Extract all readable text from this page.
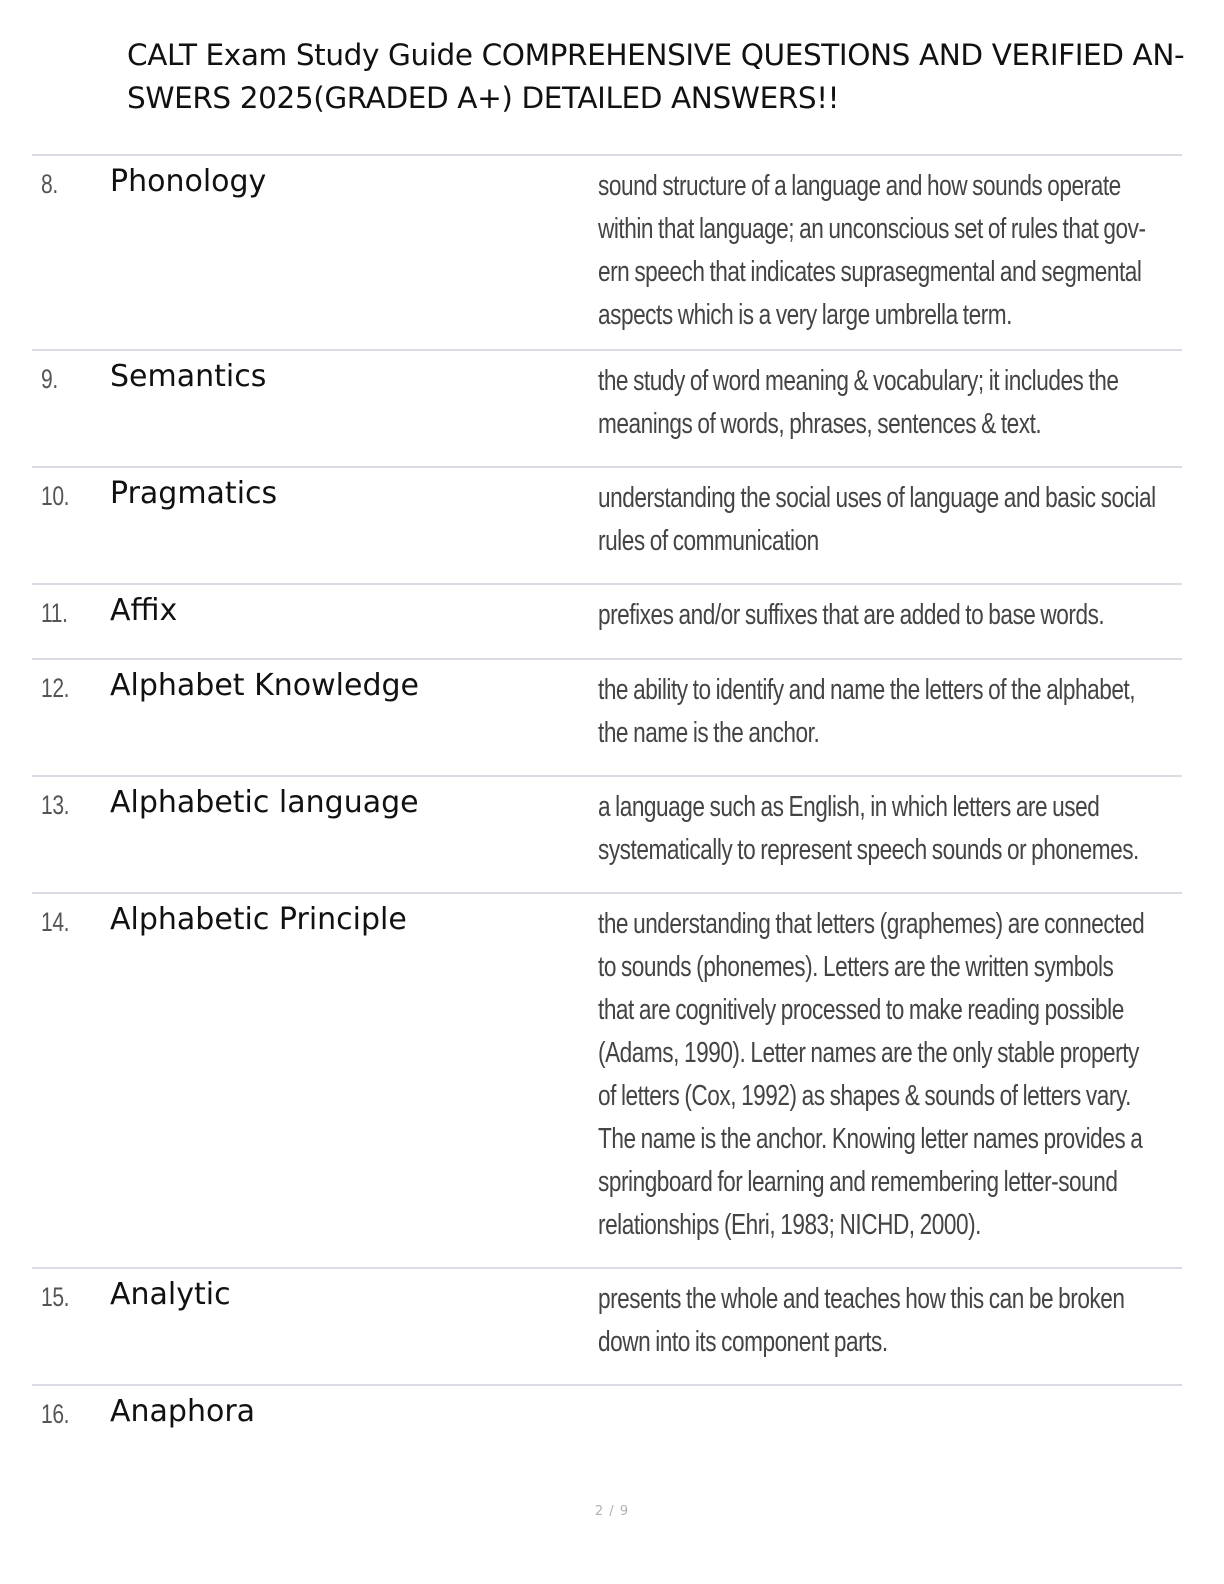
CALT Exam Study Guide COMPREHENSIVE QUESTIONS AND VERIFIED AN-
SWERS 2025(GRADED A+) DETAILED ANSWERS!!
8. Phonology	sound structure of a language and how sounds operate
within that language; an unconscious set of rules that gov-
ern speech that indicates suprasegmental and segmental
aspects which is a very large umbrella term.
9. Semantics	the study of word meaning & vocabulary; it includes the
meanings of words, phrases, sentences & text.
10. Pragmatics	understanding the social uses of language and basic social
rules of communication
11. Affix	prefixes and/or suffixes that are added to base words.
12. Alphabet Knowledge	the ability to identify and name the letters of the alphabet,
the name is the anchor.
13. Alphabetic language	a language such as English, in which letters are used
systematically to represent speech sounds or phonemes.
14. Alphabetic Principle	the understanding that letters (graphemes) are connected
to sounds (phonemes). Letters are the written symbols
that are cognitively processed to make reading possible
(Adams, 1990). Letter names are the only stable property
of letters (Cox, 1992) as shapes & sounds of letters vary.
The name is the anchor. Knowing letter names provides a
springboard for learning and remembering letter-sound
relationships (Ehri, 1983; NICHD, 2000).
15. Analytic	presents the whole and teaches how this can be broken
down into its component parts.
16. Anaphora
2 / 9
